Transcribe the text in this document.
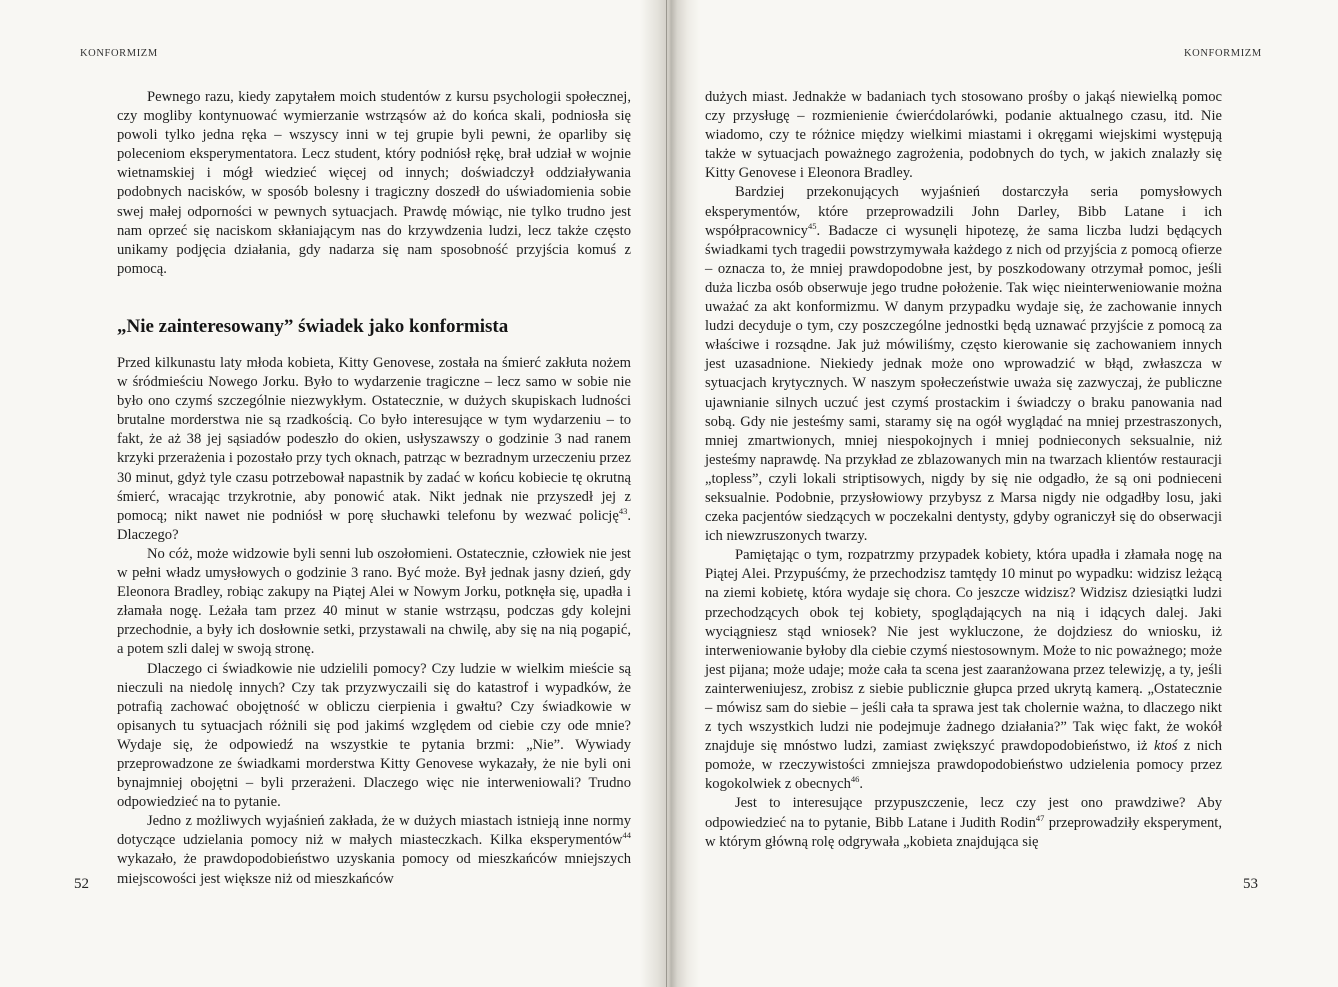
KONFORMIZM

Pewnego razu, kiedy zapytałem moich studentów z kursu psychologii społecznej, czy mogliby kontynuować wymierzanie wstrząsów aż do końca skali, podniosła się powoli tylko jedna ręka – wszyscy inni w tej grupie byli pewni, że oparliby się poleceniom eksperymentatora. Lecz student, który podniósł rękę, brał udział w wojnie wietnamskiej i mógł wiedzieć więcej od innych; doświadczył oddziaływania podobnych nacisków, w sposób bolesny i tragiczny doszedł do uświadomienia sobie swej małej odporności w pewnych sytuacjach. Prawdę mówiąc, nie tylko trudno jest nam oprzeć się naciskom skłaniającym nas do krzywdzenia ludzi, lecz także często unikamy podjęcia działania, gdy nadarza się nam sposobność przyjścia komuś z pomocą.

„Nie zainteresowany” świadek jako konformista

Przed kilkunastu laty młoda kobieta, Kitty Genovese, została na śmierć zakłuta nożem w śródmieściu Nowego Jorku. Było to wydarzenie tragiczne – lecz samo w sobie nie było ono czymś szczególnie niezwykłym. Ostatecznie, w dużych skupiskach ludności brutalne morderstwa nie są rzadkością. Co było interesujące w tym wydarzeniu – to fakt, że aż 38 jej sąsiadów podeszło do okien, usłyszawszy o godzinie 3 nad ranem krzyki przerażenia i pozostało przy tych oknach, patrząc w bezradnym urzeczeniu przez 30 minut, gdyż tyle czasu potrzebował napastnik by zadać w końcu kobiecie tę okrutną śmierć, wracając trzykrotnie, aby ponowić atak. Nikt jednak nie przyszedł jej z pomocą; nikt nawet nie podniósł w porę słuchawki telefonu by wezwać policję$^{43}$. Dlaczego?

No cóż, może widzowie byli senni lub oszołomieni. Ostatecznie, człowiek nie jest w pełni władz umysłowych o godzinie 3 rano. Być może. Był jednak jasny dzień, gdy Eleonora Bradley, robiąc zakupy na Piątej Alei w Nowym Jorku, potknęła się, upadła i złamała nogę. Leżała tam przez 40 minut w stanie wstrząsu, podczas gdy kolejni przechodnie, a były ich dosłownie setki, przystawali na chwilę, aby się na nią pogapić, a potem szli dalej w swoją stronę.

Dlaczego ci świadkowie nie udzielili pomocy? Czy ludzie w wielkim mieście są nieczuli na niedolę innych? Czy tak przyzwyczaili się do katastrof i wypadków, że potrafią zachować obojętność w obliczu cierpienia i gwałtu? Czy świadkowie w opisanych tu sytuacjach różnili się pod jakimś względem od ciebie czy ode mnie? Wydaje się, że odpowiedź na wszystkie te pytania brzmi: „Nie”. Wywiady przeprowadzone ze świadkami morderstwa Kitty Genovese wykazały, że nie byli oni bynajmniej obojętni – byli przerażeni. Dlaczego więc nie interweniowali? Trudno odpowiedzieć na to pytanie.

Jedno z możliwych wyjaśnień zakłada, że w dużych miastach istnieją inne normy dotyczące udzielania pomocy niż w małych miasteczkach. Kilka eksperymentów$^{44}$ wykazało, że prawdopodobieństwo uzyskania pomocy od mieszkańców mniejszych miejscowości jest większe niż od mieszkańców

52
KONFORMIZM

dużych miast. Jednakże w badaniach tych stosowano prośby o jakąś niewielką pomoc czy przysługę – rozmienienie ćwierćdolarówki, podanie aktualnego czasu, itd. Nie wiadomo, czy te różnice między wielkimi miastami i okręgami wiejskimi występują także w sytuacjach poważnego zagrożenia, podobnych do tych, w jakich znalazły się Kitty Genovese i Eleonora Bradley.

Bardziej przekonujących wyjaśnień dostarczyła seria pomysłowych eksperymentów, które przeprowadzili John Darley, Bibb Latane i ich współpracownicy$^{45}$. Badacze ci wysunęli hipotezę, że sama liczba ludzi będących świadkami tych tragedii powstrzymywała każdego z nich od przyjścia z pomocą ofierze – oznacza to, że mniej prawdopodobne jest, by poszkodowany otrzymał pomoc, jeśli duża liczba osób obserwuje jego trudne położenie. Tak więc nieinterweniowanie można uważać za akt konformizmu. W danym przypadku wydaje się, że zachowanie innych ludzi decyduje o tym, czy poszczególne jednostki będą uznawać przyjście z pomocą za właściwe i rozsądne. Jak już mówiliśmy, często kierowanie się zachowaniem innych jest uzasadnione. Niekiedy jednak może ono wprowadzić w błąd, zwłaszcza w sytuacjach krytycznych. W naszym społeczeństwie uważa się zazwyczaj, że publiczne ujawnianie silnych uczuć jest czymś prostackim i świadczy o braku panowania nad sobą. Gdy nie jesteśmy sami, staramy się na ogół wyglądać na mniej przestraszonych, mniej zmartwionych, mniej niespokojnych i mniej podnieconych seksualnie, niż jesteśmy naprawdę. Na przykład ze zblazowanych min na twarzach klientów restauracji „topless”, czyli lokali striptisowych, nigdy by się nie odgadło, że są oni podnieceni seksualnie. Podobnie, przysłowiowy przybysz z Marsa nigdy nie odgadłby losu, jaki czeka pacjentów siedzących w poczekalni dentysty, gdyby ograniczył się do obserwacji ich niewzruszonych twarzy.

Pamiętając o tym, rozpatrzmy przypadek kobiety, która upadła i złamała nogę na Piątej Alei. Przypuśćmy, że przechodzisz tamtędy 10 minut po wypadku: widzisz leżącą na ziemi kobietę, która wydaje się chora. Co jeszcze widzisz? Widzisz dziesiątki ludzi przechodzących obok tej kobiety, spoglądających na nią i idących dalej. Jaki wyciągniesz stąd wniosek? Nie jest wykluczone, że dojdziesz do wniosku, iż interweniowanie byłoby dla ciebie czymś niestosownym. Może to nic poważnego; może jest pijana; może udaje; może cała ta scena jest zaaranżowana przez telewizję, a ty, jeśli zainterweniujesz, zrobisz z siebie publicznie głupca przed ukrytą kamerą. „Ostatecznie – mówisz sam do siebie – jeśli cała ta sprawa jest tak cholernie ważna, to dlaczego nikt z tych wszystkich ludzi nie podejmuje żadnego działania?” Tak więc fakt, że wokół znajduje się mnóstwo ludzi, zamiast zwiększyć prawdopodobieństwo, iż ktoś z nich pomoże, w rzeczywistości zmniejsza prawdopodobieństwo udzielenia pomocy przez kogokolwiek z obecnych$^{46}$.

Jest to interesujące przypuszczenie, lecz czy jest ono prawdziwe? Aby odpowiedzieć na to pytanie, Bibb Latane i Judith Rodin$^{47}$ przeprowadziły eksperyment, w którym główną rolę odgrywała „kobieta znajdująca się

53
